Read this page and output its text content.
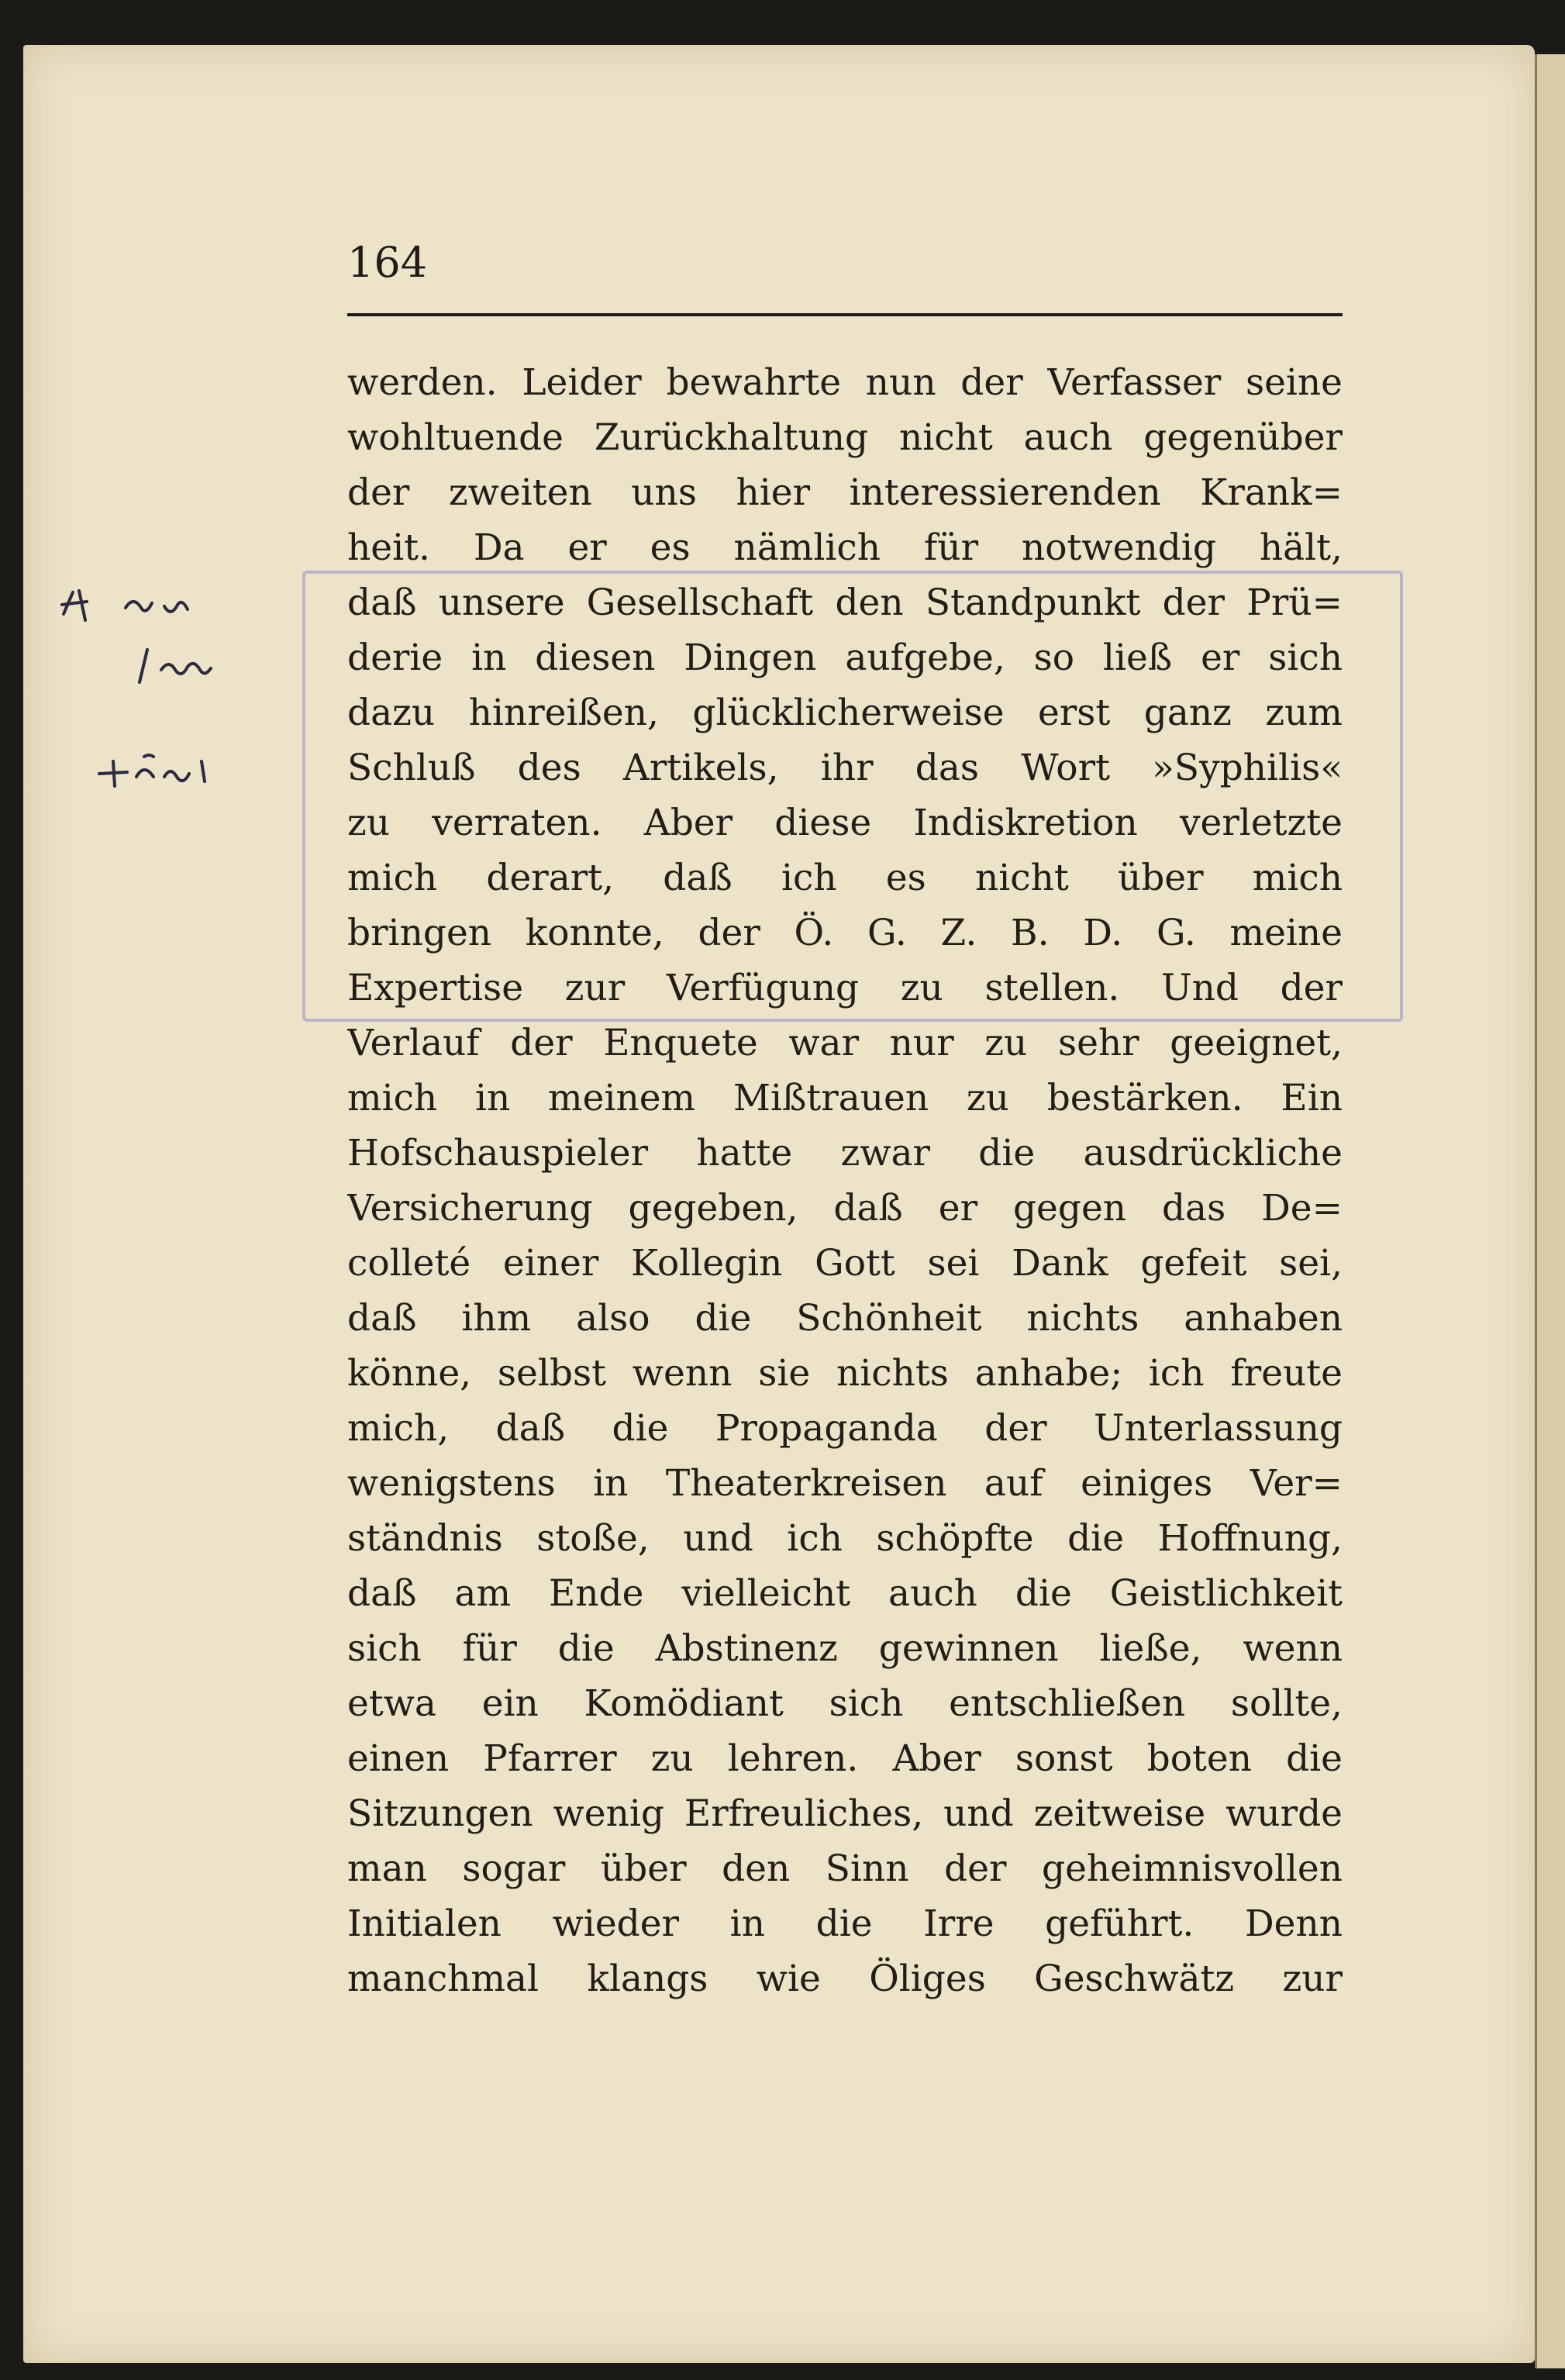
164
werden. Leider bewahrte nun der Verfasser seine
wohltuende Zurückhaltung nicht auch gegenüber
der zweiten uns hier interessierenden Krank=
heit. Da er es nämlich für notwendig hält,
daß unsere Gesellschaft den Standpunkt der Prü=
derie in diesen Dingen aufgebe, so ließ er sich
dazu hinreißen, glücklicherweise erst ganz zum
Schluß des Artikels, ihr das Wort »Syphilis«
zu verraten. Aber diese Indiskretion verletzte
mich derart, daß ich es nicht über mich
bringen konnte, der Ö. G. Z. B. D. G. meine
Expertise zur Verfügung zu stellen. Und der
Verlauf der Enquete war nur zu sehr geeignet,
mich in meinem Mißtrauen zu bestärken. Ein
Hofschauspieler hatte zwar die ausdrückliche
Versicherung gegeben, daß er gegen das De=
colleté einer Kollegin Gott sei Dank gefeit sei,
daß ihm also die Schönheit nichts anhaben
könne, selbst wenn sie nichts anhabe; ich freute
mich, daß die Propaganda der Unterlassung
wenigstens in Theaterkreisen auf einiges Ver=
ständnis stoße, und ich schöpfte die Hoffnung,
daß am Ende vielleicht auch die Geistlichkeit
sich für die Abstinenz gewinnen ließe, wenn
etwa ein Komödiant sich entschließen sollte,
einen Pfarrer zu lehren. Aber sonst boten die
Sitzungen wenig Erfreuliches, und zeitweise wurde
man sogar über den Sinn der geheimnisvollen
Initialen wieder in die Irre geführt. Denn
manchmal klangs wie Öliges Geschwätz zur
